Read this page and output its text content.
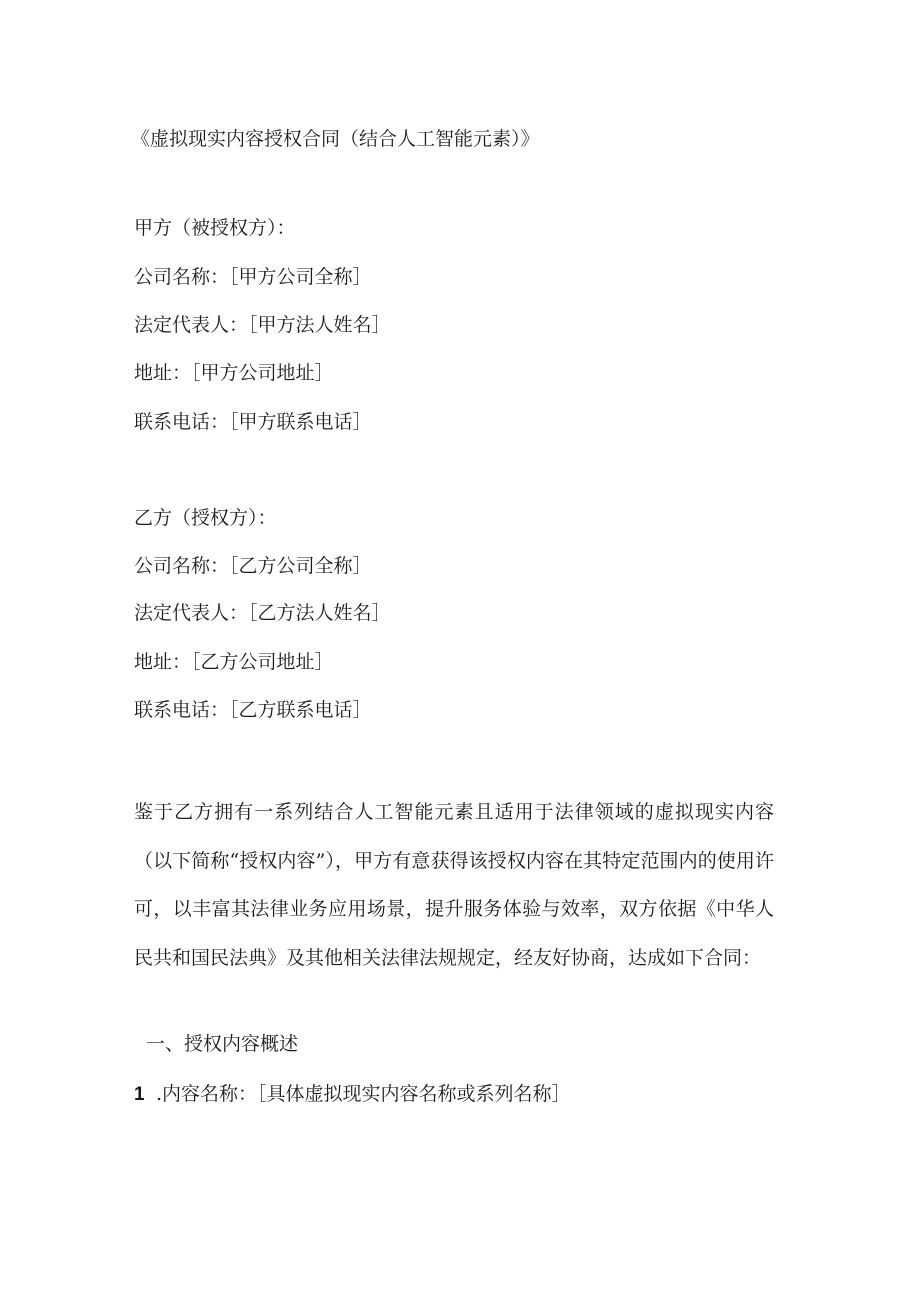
《虚拟现实内容授权合同（结合人工智能元素）》
甲方（被授权方）：
公司名称：［甲方公司全称］
法定代表人：［甲方法人姓名］
地址：［甲方公司地址］
联系电话：［甲方联系电话］
乙方（授权方）：
公司名称：［乙方公司全称］
法定代表人：［乙方法人姓名］
地址：［乙方公司地址］
联系电话：［乙方联系电话］
鉴于乙方拥有一系列结合人工智能元素且适用于法律领域的虚拟现实内容（以下简称“授权内容”），甲方有意获得该授权内容在其特定范围内的使用许可，以丰富其法律业务应用场景，提升服务体验与效率，双方依据《中华人民共和国民法典》及其他相关法律法规规定，经友好协商，达成如下合同：
一、授权内容概述
1 .内容名称：［具体虚拟现实内容名称或系列名称］
